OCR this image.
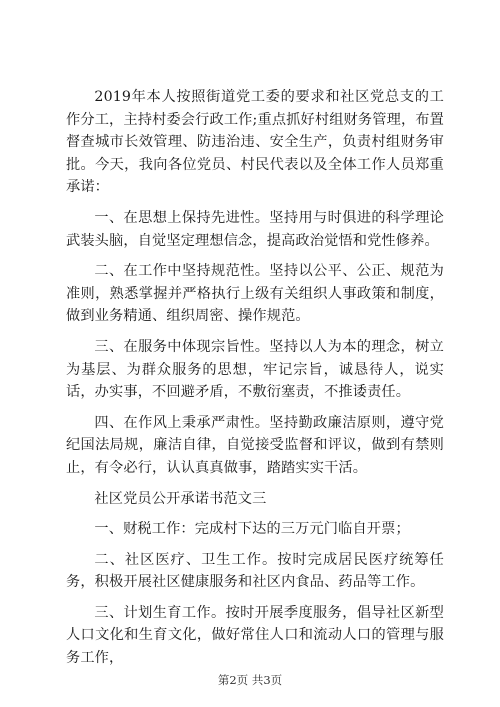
2019年本人按照街道党工委的要求和社区党总支的工作分工，主持村委会行政工作;重点抓好村组财务管理，布置督查城市长效管理、防违治违、安全生产，负责村组财务审批。今天，我向各位党员、村民代表以及全体工作人员郑重承诺：

一、在思想上保持先进性。坚持用与时俱进的科学理论武装头脑，自觉坚定理想信念，提高政治觉悟和党性修养。

二、在工作中坚持规范性。坚持以公平、公正、规范为准则，熟悉掌握并严格执行上级有关组织人事政策和制度，做到业务精通、组织周密、操作规范。

三、在服务中体现宗旨性。坚持以人为本的理念，树立为基层、为群众服务的思想，牢记宗旨，诚恳待人，说实话，办实事，不回避矛盾，不敷衍塞责，不推诿责任。

四、在作风上秉承严肃性。坚持勤政廉洁原则，遵守党纪国法局规，廉洁自律，自觉接受监督和评议，做到有禁则止，有令必行，认认真真做事，踏踏实实干活。

社区党员公开承诺书范文三

一、财税工作：完成村下达的三万元门临自开票；

二、社区医疗、卫生工作。按时完成居民医疗统筹任务，积极开展社区健康服务和社区内食品、药品等工作。

三、计划生育工作。按时开展季度服务，倡导社区新型人口文化和生育文化，做好常住人口和流动人口的管理与服务工作，

第2页 共3页
